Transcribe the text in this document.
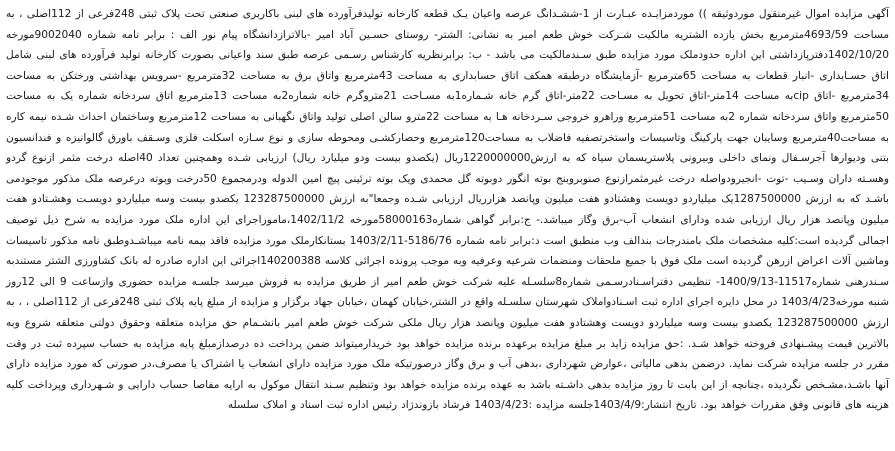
آگهی مزایده اموال غیرمنقول موردوثیقه )) موردمزایـده عبـارت از 1-ششـدانگ عرصه واعیان یـک قطعه کارخانه تولیدفرآورده های لبنی باکاربری صنعتی تحت پلاک ثبتی 248فرعی از 112اصلی ، به مساحت 4693/59مترمربع بخش یازده الشتریه مالکیت شـرکت خوش طعم امیر به نشانی: الشتر- روستای حسـین آباد امیر -بالاترازدانشگاه پیام نور الف : برابر نامه شماره 9002040مورخه 1402/10/20دفترپازداشتی این اداره حدودملک مورد مزایده طبق سـندمالکیت می باشد - ب: برابرنظریه کارشناس رسـمی عرصه طبق سند واعیانی بصورت کارخانه تولید فرآورده های لبنی شامل اتاق حسـابداری -انبار قطعات به مساحت 65مترمربع -آزمایشگاه درطبقه همکف اتاق حسابداری به مساحت 43مترمربع واتاق برق به مساحت 32مترمربع -سرویس بهداشتی ورختکن به مساحت 34مترمربع -اتاق cipبه مساحت 14متر-اتاق تحویل به مسـاحت 22متر-اتاق گرم خانه شـماره1به مسـاحت 21متروگرم خانه شماره2به مساحت 13مترمربع اتاق سردخانه شماره یک به مساحت 50مترمربع واتاق سردخانه شماره 2به مساحت 51مترمربع وراهرو خروجی سـردخانه هـا به مساحت 22مترو سالن اصلی تولید واتاق نگهبانی به مساحت 12مترمربع وساختمان احداث شـده نیمه کاره به مساحت40مترمربع وسایبان جهت پارکینگ وتاسیسات واستخرتصفیه فاضلاب به مساحت120مترمربع وحصارکشـی ومحوطه سازی و نوع سـازه اسکلت فلزی وسـقف باورق گالوانیزه و فندانسیون بتنی ودیوارها آجرسـفال ونمای داخلی وبیرونی پلاستریسمان سیاه که به ارزش1220000000ریال (یکصدو بیست ودو میلیارد ریال) ارزیابی شـده وهمچنین تعداد 40اصله درخت مثمر ازنوع گردو وهسـته داران وسـیب -توت -انجیرودواصله درخت غیرمثمرازنوع صنوبروبنج بوته انگور دوبوته گل محمدی ویک بوته ترئینی پیچ امین الدوله ودرمجموع 50درخت وبوته درعرصه ملک مذکور موجودمی باشـد که به ارزش 1287500000یک میلیاردو دویست وهشتادو هفت میلیون وپانصد هزارریال ارزیابی شـده وجمعا"به ارزش 123287500000 یکصدو بیست وسه میلیاردو دویسـت وهشـتادو هفت میلیون وپانصد هزار ریال ارزیابی شده ودارای انشعاب آب-برق وگاز میباشد.- ج:برابر گواهی شماره58000163مورخه 1402/11/2،ماموراجرای این اداره ملک مورد مزایده به شرح ذیل توصیف اجمالی گردیده است:کلیه مشخصات ملک بامندرجات بندالف وب منطبق است د:برابر نامه شماره 5186/76-1403/2/11 بستانکارملک مورد مزایده فاقد بیمه نامه میباشـدوطبق نامه مذکور تاسیسات وماشین آلات اعراض ازرهن گردیده است ملک فوق با جمیع ملحقات ومنضمات شرعیه وعرفیه وبه موجب پرونده اجرائی کلاسه 140200388اجرائی این اداره صادره له بانک کشاورزی الشتر مستندبه سـندرهنی شماره11517-1400/9/13- تنظیمی دفتراسـنادرسـمی شماره8سلسـله علیه شرکت خوش طعم امیر از طریق مزایده به فروش میرسد جلسـه مزایده حضوری وازساعت 9 الی 12روز شنبه مورخه1403/4/23 در محل دایره اجرای اداره ثبت اسـنادواملاک شهرستان سلسـله واقع در الشتر،خیابان کهمان ،خیابان جهاد برگزار و مزایده از مبلغ پایه پلاک ثبتی 248فرعی از 112اصلی ، ، به ارزش 123287500000 یکصدو بیست وسه میلیاردو دویست وهشتادو هفت میلیون وپانصد هزار ریال ملکی شرکت خوش طعم امیر بانشـمام حق مزایده متعلقه وحقوق دولتی متعلقه شروع وبه بالاترین قیمت پیشـنهادی فروخته خواهد شـد. :حق مزایده زاید بر مبلغ مزایده برعهده برنده مزایده خواهد بود خریدارمیتواند ضمن پرداخت ده درصدازمبلغ پایه مزایده به حساب سپرده ثبت در وقت مقرر در جلسه مزایده شرکت نماید. درضمن بدهی مالیاتی ،عوارض شهرداری ،بدهی آب و برق وگاز درصورتیکه ملک مورد مزایده دارای انشعاب یا اشتراک یا مصرف،در صورتی که مورد مزایده دارای آنها باشـد،مشـخص نگردیده ،چنانچه از این بابت تا روز مزایده بدهی داشـته باشد به عهده برنده مزایده خواهد بود وتنظیم سـند انتقال موکول به ارایه مفاصا حساب دارایی و شـهرداری وپرداخت کلیه هزینه های قانونی وفق مقررات خواهد بود. تاریخ انتشار:1403/4/9جلسه مزایده :1403/4/23 فرشاد بازوندژاد رئیس اداره ثبت اسناد و املاک سلسله
